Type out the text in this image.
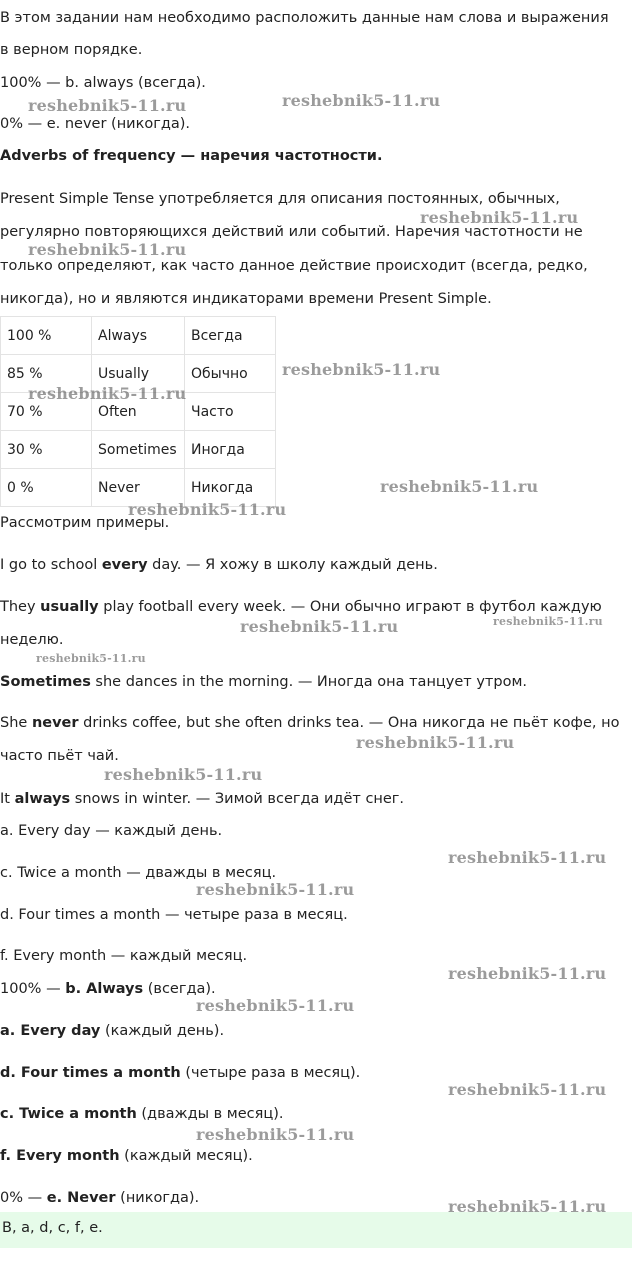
В этом задании нам необходимо расположить данные нам слова и выражения
в верном порядке.
100% — b. always (всегда).
0% — e. never (никогда).
Adverbs of frequency — наречия частотности.
Present Simple Tense употребляется для описания постоянных, обычных,
регулярно повторяющихся действий или событий. Наречия частотности не
только определяют, как часто данное действие происходит (всегда, редко,
никогда), но и являются индикаторами времени Present Simple.
100 %	Always	Всегда
85 %	Usually	Обычно
70 %	Often	Часто
30 %	Sometimes	Иногда
0 %	Never	Никогда
Рассмотрим примеры.
I go to school every day. — Я хожу в школу каждый день.
They usually play football every week. — Они обычно играют в футбол каждую
неделю.
Sometimes she dances in the morning. — Иногда она танцует утром.
She never drinks coffee, but she often drinks tea. — Она никогда не пьёт кофе, но
часто пьёт чай.
It always snows in winter. — Зимой всегда идёт снег.
a. Every day — каждый день.
c. Twice a month — дважды в месяц.
d. Four times a month — четыре раза в месяц.
f. Every month — каждый месяц.
100% — b. Always (всегда).
a. Every day (каждый день).
d. Four times a month (четыре раза в месяц).
c. Twice a month (дважды в месяц).
f. Every month (каждый месяц).
0% — e. Never (никогда).
B, a, d, c, f, e.
reshebnik5-11.ru	reshebnik5-11.ru
reshebnik5-11.ru
reshebnik5-11.ru
reshebnik5-11.ru
reshebnik5-11.ru
reshebnik5-11.ru
reshebnik5-11.ru
reshebnik5-11.ru	reshebnik5-11.ru
reshebnik5-11.ru
reshebnik5-11.ru
reshebnik5-11.ru
reshebnik5-11.ru
reshebnik5-11.ru
reshebnik5-11.ru
reshebnik5-11.ru
reshebnik5-11.ru
reshebnik5-11.ru
reshebnik5-11.ru
